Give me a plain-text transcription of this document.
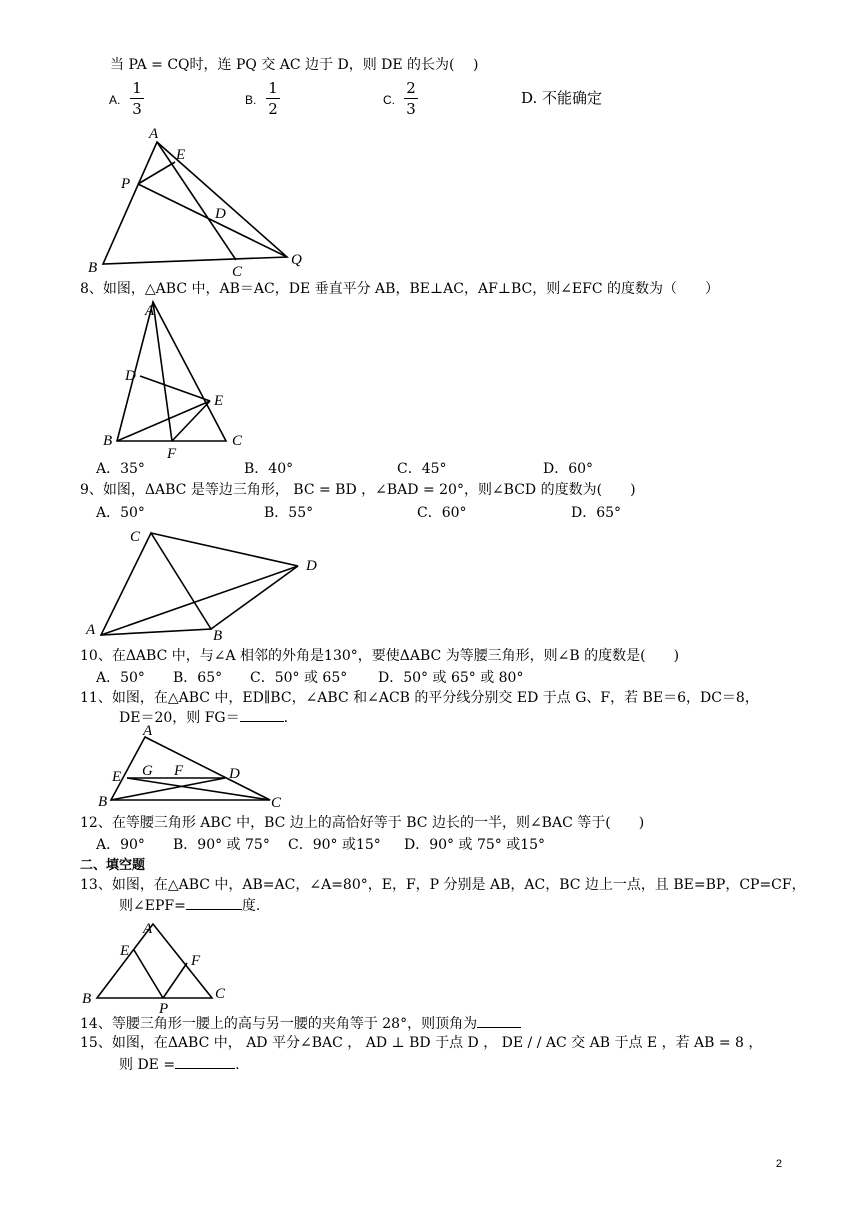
当 PA = CQ时，连 PQ 交 AC 边于 D，则 DE 的长为(　 )
A.
1
3	B.
1
2	C.
2
3
D. 不能确定
A
E
P
D
B	C
Q
8、如图，△ABC 中，AB＝AC，DE 垂直平分 AB，BE⊥AC，AF⊥BC，则∠EFC 的度数为（　　）
A
D
E
B
F
C
A．35°	B．40°	C．45°	D．60°
9、如图，ΔABC 是等边三角形， BC = BD ，∠BAD = 20°，则∠BCD 的度数为(　　)
A．50°	B．55°	C．60°	D．65°
C
D
A	B
10、在ΔABC 中，与∠A 相邻的外角是130°，要使ΔABC 为等腰三角形，则∠B 的度数是(　　)
A．50° B．65° C．50° 或 65° D．50° 或 65° 或 80°
11、如图，在△ABC 中，ED∥BC，∠ABC 和∠ACB 的平分线分别交 ED 于点 G、F，若 BE＝6，DC＝8，
DE＝20，则 FG＝	.
A
E G F	D
B	C
12、在等腰三角形 ABC 中，BC 边上的高恰好等于 BC 边长的一半，则∠BAC 等于(　　)
A．90° B．90° 或 75° C．90° 或15° D．90° 或 75° 或15°
二、填空题
13、如图，在△ABC 中，AB=AC，∠A=80°，E，F，P 分别是 AB，AC，BC 边上一点，且 BE=BP，CP=CF，
则∠EPF=	度.
A
E
F
B
P
C
14、等腰三角形一腰上的高与另一腰的夹角等于 28°，则顶角为
15、如图，在ΔABC 中， AD 平分∠BAC ， AD ⊥ BD 于点 D ， DE / / AC 交 AB 于点 E ，若 AB = 8 ，
则 DE =	.
2
